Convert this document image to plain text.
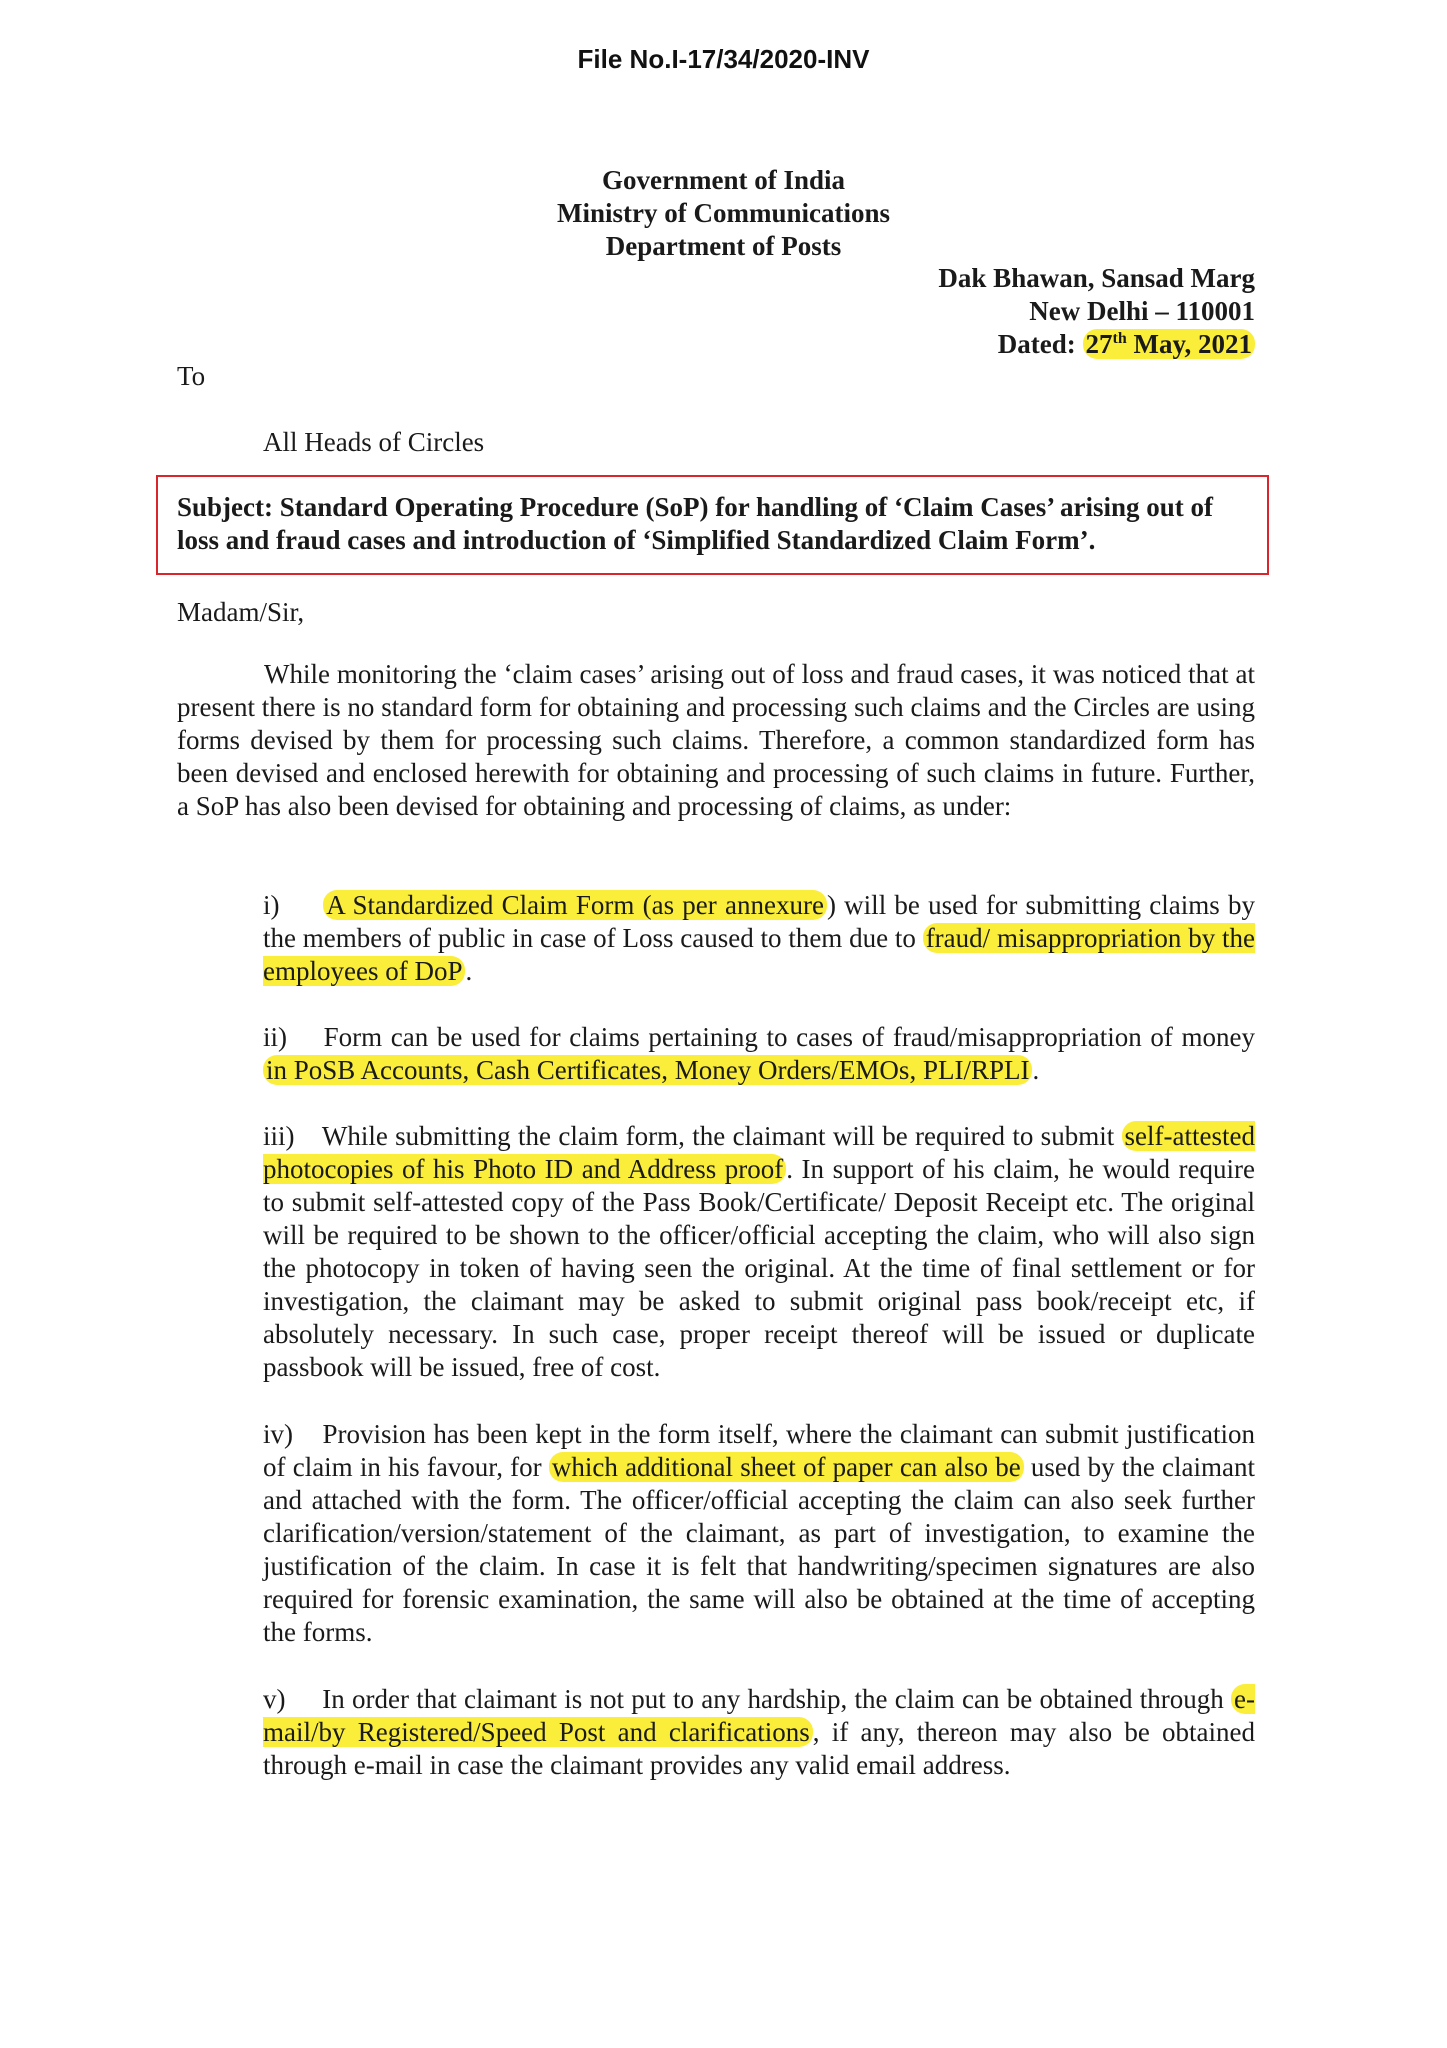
File No.I-17/34/2020-INV
Government of India
Ministry of Communications
Department of Posts
Dak Bhawan, Sansad Marg
New Delhi – 110001
Dated: 27th May, 2021
To
All Heads of Circles
Subject: Standard Operating Procedure (SoP) for handling of ‘Claim Cases’ arising out of loss and fraud cases and introduction of ‘Simplified Standardized Claim Form’.
Madam/Sir,

While monitoring the ‘claim cases’ arising out of loss and fraud cases, it was noticed that at present there is no standard form for obtaining and processing such claims and the Circles are using forms devised by them for processing such claims. Therefore, a common standardized form has been devised and enclosed herewith for obtaining and processing of such claims in future. Further, a SoP has also been devised for obtaining and processing of claims, as under:

i) A Standardized Claim Form (as per annexure ) will be used for submitting claims by the members of public in case of Loss caused to them due to fraud/ misappropriation by the employees of DoP .

ii) Form can be used for claims pertaining to cases of fraud/misappropriation of money in PoSB Accounts, Cash Certificates, Money Orders/EMOs, PLI/RPLI .

iii) While submitting the claim form, the claimant will be required to submit self-attested photocopies of his Photo ID and Address proof . In support of his claim, he would require to submit self-attested copy of the Pass Book/Certificate/ Deposit Receipt etc. The original will be required to be shown to the officer/official accepting the claim, who will also sign the photocopy in token of having seen the original. At the time of final settlement or for investigation, the claimant may be asked to submit original pass book/receipt etc, if absolutely necessary. In such case, proper receipt thereof will be issued or duplicate passbook will be issued, free of cost.

iv) Provision has been kept in the form itself, where the claimant can submit justification of claim in his favour, for which additional sheet of paper can also be used by the claimant and attached with the form. The officer/official accepting the claim can also seek further clarification/version/statement of the claimant, as part of investigation, to examine the justification of the claim. In case it is felt that handwriting/specimen signatures are also required for forensic examination, the same will also be obtained at the time of accepting the forms.

v) In order that claimant is not put to any hardship, the claim can be obtained through e-mail/by Registered/Speed Post and clarifications , if any, thereon may also be obtained through e-mail in case the claimant provides any valid email address.
